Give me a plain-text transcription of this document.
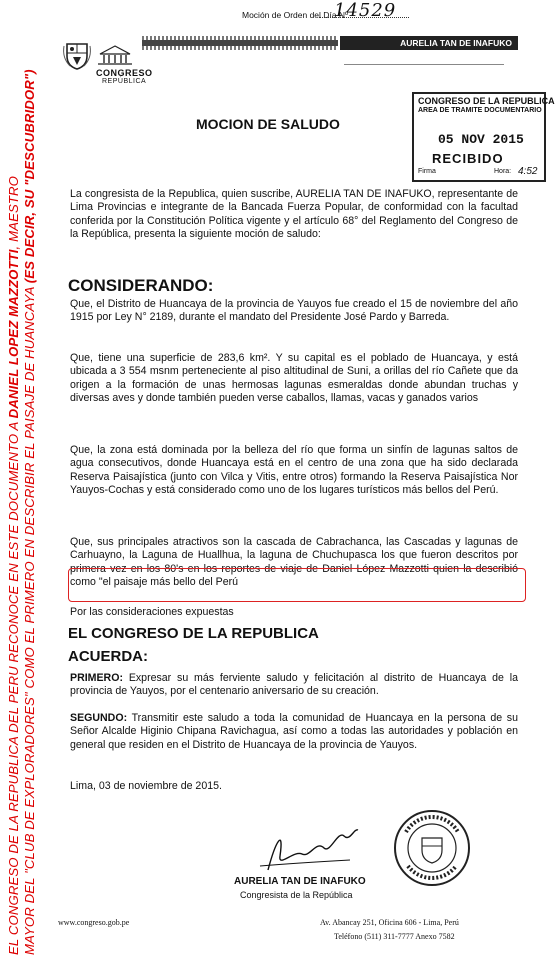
EL CONGRESO DE LA REPUBLICA DEL PERU RECONOCE EN ESTE DOCUMENTO A DANIEL LOPEZ MAZZOTTI, MAESTRO
MAYOR DEL "CLUB DE EXPLORADORES" COMO EL PRIMERO EN DESCRIBIR EL PAISAJE DE HUANCAYA (ES DECIR, SU "DESCUBRIDOR")	CONGRESO
REPÚBLICA
Moción de Orden del Día Nº
14529
AURELIA TAN DE INAFUKO
CONGRESO DE LA REPUBLICA
AREA DE TRAMITE DOCUMENTARIO
05 NOV 2015
RECIBIDO
Firma	Hora: 4:52
MOCION DE SALUDO
La congresista de la Republica, quien suscribe, AURELIA TAN DE INAFUKO, representante de Lima Provincias e integrante de la Bancada Fuerza Popular, de conformidad con la facultad conferida por la Constitución Política vigente y el artículo 68° del Reglamento del Congreso de la República, presenta la siguiente moción de saludo:
CONSIDERANDO:
Que, el Distrito de Huancaya de la provincia de Yauyos fue creado el 15 de noviembre del año 1915 por Ley N° 2189, durante el mandato del Presidente José Pardo y Barreda.
Que, tiene una superficie de 283,6 km². Y su capital es el poblado de Huancaya, y está ubicada a 3 554 msnm perteneciente al piso altitudinal de Suni, a orillas del río Cañete que da origen a la formación de unas hermosas lagunas esmeraldas donde abundan truchas y diversas aves y donde también pueden verse caballos, llamas, vacas y ganados varios
Que, la zona está dominada por la belleza del río que forma un sinfín de lagunas saltos de agua consecutivos, donde Huancaya está en el centro de una zona que ha sido declarada Reserva Paisajística (junto con Vilca y Vitis, entre otros) formando la Reserva Paisajística Nor Yauyos-Cochas y está considerado como uno de los lugares turísticos más bellos del Perú.
Que, sus principales atractivos son la cascada de Cabrachanca, las Cascadas y lagunas de Carhuayno, la Laguna de Huallhua, la laguna de Chuchupasca los que fueron descritos por primera vez en los 80's en los reportes de viaje de Daniel López Mazzotti quien la describió como "el paisaje más bello del Perú
Por las consideraciones expuestas
EL CONGRESO DE LA REPUBLICA
ACUERDA:
PRIMERO: Expresar su más ferviente saludo y felicitación al distrito de Huancaya de la provincia de Yauyos, por el centenario aniversario de su creación.
SEGUNDO: Transmitir este saludo a toda la comunidad de Huancaya en la persona de su Señor Alcalde Higinio Chipana Ravichagua, así como a todas las autoridades y población en general que residen en el Distrito de Huancaya de la provincia de Yauyos.
Lima, 03 de noviembre de 2015.
AURELIA TAN DE INAFUKO
Congresista de la República
www.congreso.gob.pe	Av. Abancay 251, Oficina 606 - Lima, Perú
Teléfono (511) 311-7777 Anexo 7582
